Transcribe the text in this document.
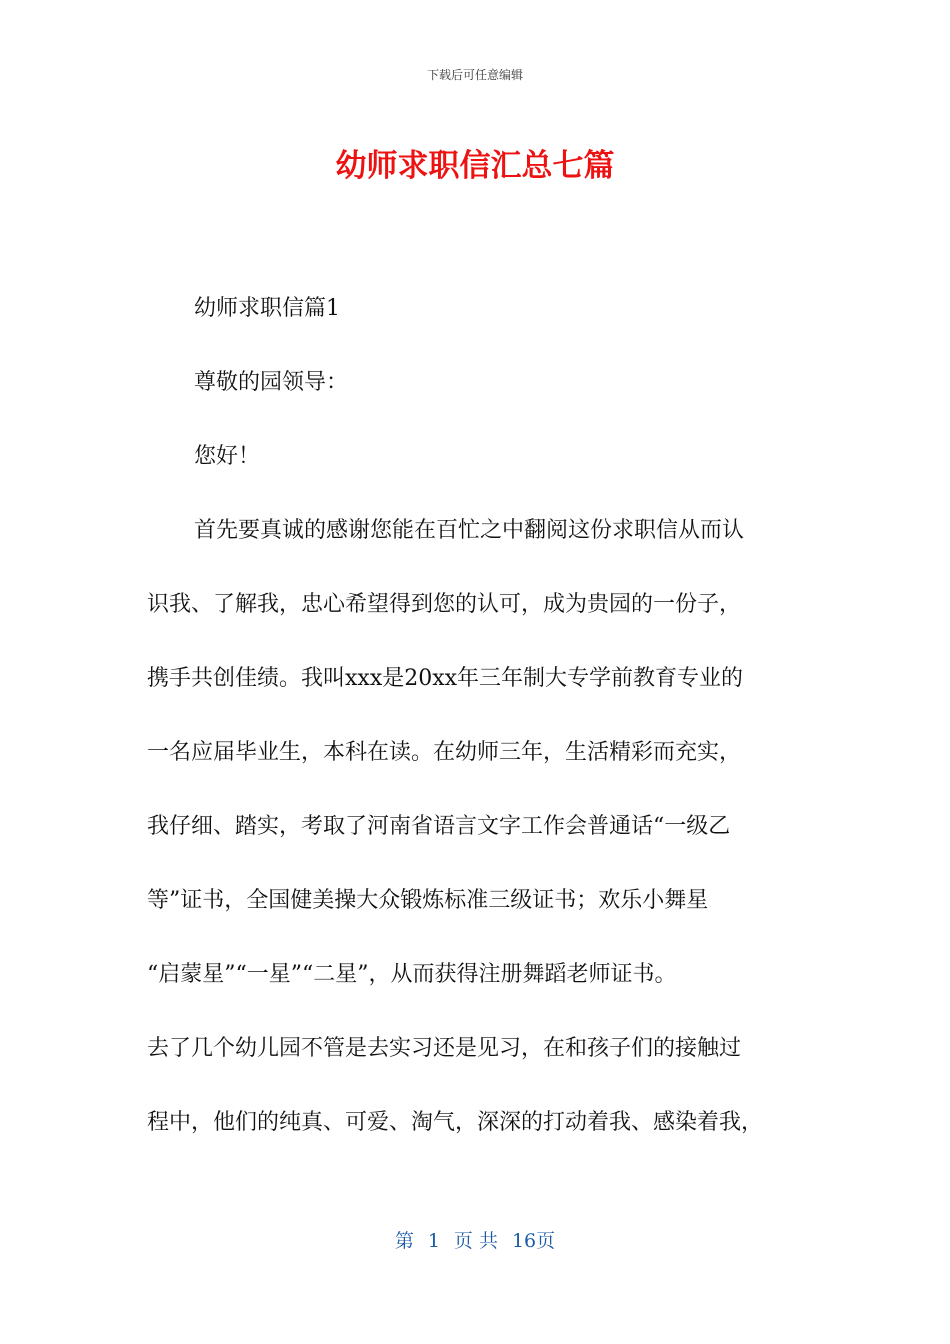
下载后可任意编辑
幼师求职信汇总七篇

幼师求职信篇1

尊敬的园领导：

您好！

首先要真诚的感谢您能在百忙之中翻阅这份求职信从而认

识我、了解我，忠心希望得到您的认可，成为贵园的一份子，

携手共创佳绩。我叫xxx是20xx年三年制大专学前教育专业的

一名应届毕业生，本科在读。在幼师三年，生活精彩而充实，

我仔细、踏实，考取了河南省语言文字工作会普通话“一级乙

等”证书，全国健美操大众锻炼标准三级证书；欢乐小舞星

“启蒙星”“一星”“二星”，从而获得注册舞蹈老师证书。

去了几个幼儿园不管是去实习还是见习，在和孩子们的接触过

程中，他们的纯真、可爱、淘气，深深的打动着我、感染着我，

第 1 页 共 16页
